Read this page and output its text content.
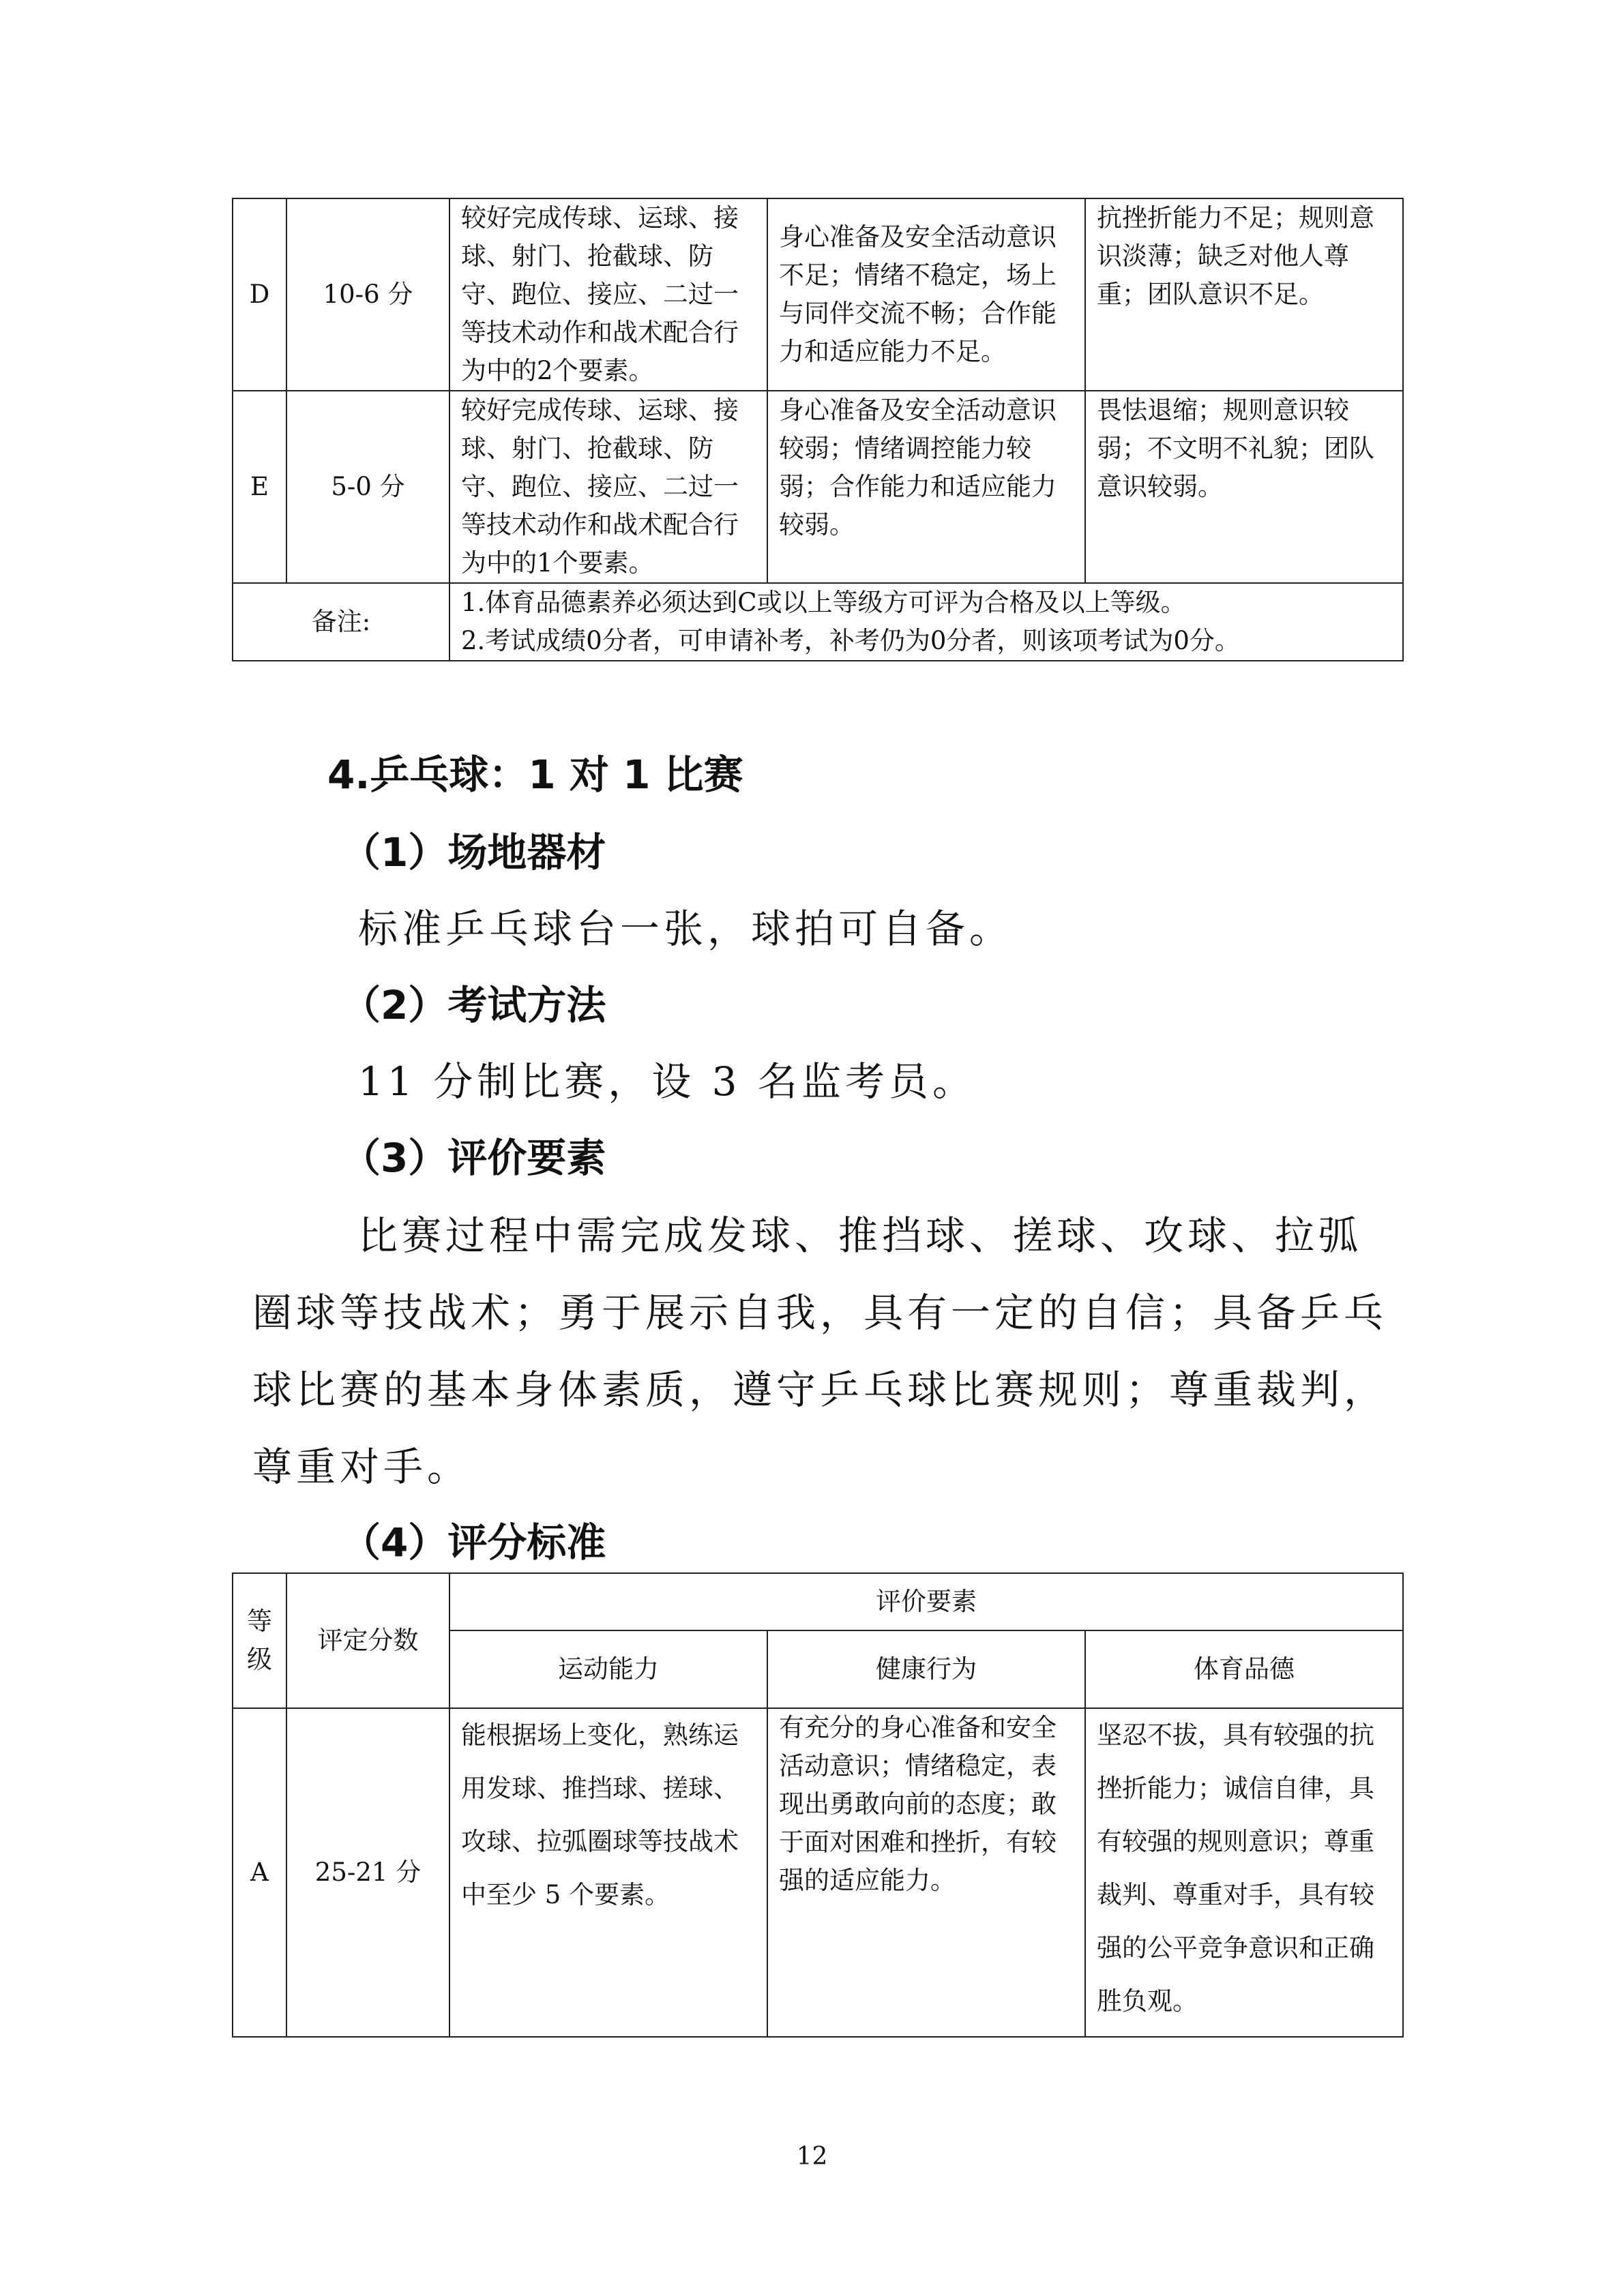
D	10-6 分	较好完成传球、运球、接球、射门、抢截球、防守、跑位、接应、二过一等技术动作和战术配合行为中的2个要素。	身心准备及安全活动意识不足；情绪不稳定，场上与同伴交流不畅；合作能力和适应能力不足。	抗挫折能力不足；规则意识淡薄；缺乏对他人尊重；团队意识不足。
E	5-0 分	较好完成传球、运球、接球、射门、抢截球、防守、跑位、接应、二过一等技术动作和战术配合行为中的1个要素。	身心准备及安全活动意识较弱；情绪调控能力较弱；合作能力和适应能力较弱。	畏怯退缩；规则意识较弱；不文明不礼貌；团队意识较弱。
备注:		1.体育品德素养必须达到C或以上等级方可评为合格及以上等级。
2.考试成绩0分者，可申请补考，补考仍为0分者，则该项考试为0分。		
4.乒乓球：1 对 1 比赛
（1）场地器材

标准乒乓球台一张，球拍可自备。

（2）考试方法

11 分制比赛，设 3 名监考员。

（3）评价要素

比赛过程中需完成发球、推挡球、搓球、攻球、拉弧

圈球等技战术；勇于展示自我，具有一定的自信；具备乒乓

球比赛的基本身体素质，遵守乒乓球比赛规则；尊重裁判，

尊重对手。

（4）评分标准
等级	评定分数	评价要素		
		运动能力	健康行为	体育品德
A	25-21 分	能根据场上变化，熟练运用发球、推挡球、搓球、攻球、拉弧圈球等技战术中至少 5 个要素。	有充分的身心准备和安全活动意识；情绪稳定，表现出勇敢向前的态度；敢于面对困难和挫折，有较强的适应能力。	坚忍不拔，具有较强的抗挫折能力；诚信自律，具有较强的规则意识；尊重裁判、尊重对手，具有较强的公平竞争意识和正确胜负观。
12
